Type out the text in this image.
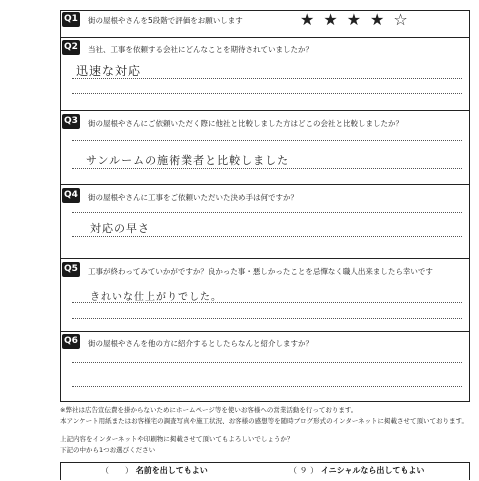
Q1 街の屋根やさんを5段階で評価をお願いします	★★★★☆
Q2 当社、工事を依頼する会社にどんなことを期待されていましたか？
迅速な対応
Q3 街の屋根やさんにご依頼いただく際に他社と比較しました方はどこの会社と比較しましたか？
サンルームの施術業者と比較しました
Q4 街の屋根やさんに工事をご依頼いただいた決め手は何ですか？
対応の早さ
Q5 工事が終わってみていかがですか？良かった事・悪しかったことを忌憚なく職人出来ましたら幸いです
きれいな仕上がりでした。
Q6 街の屋根やさんを他の方に紹介するとしたらなんと紹介しますか？
※弊社は広告宣伝費を掛からないためにホームページ等を使いお客様への営業活動を行っております。
本アンケート用紙またはお客様宅の調査写真や施工状況、お客様の感想等を随時ブログ形式のインターネットに掲載させて頂いております。
上記内容をインターネットや印刷物に掲載させて頂いてもよろしいでしょうか？
下記の中から1つお選びください
（　　） 名前を出してもよい	（ ９ ） イニシャルなら出してもよい
